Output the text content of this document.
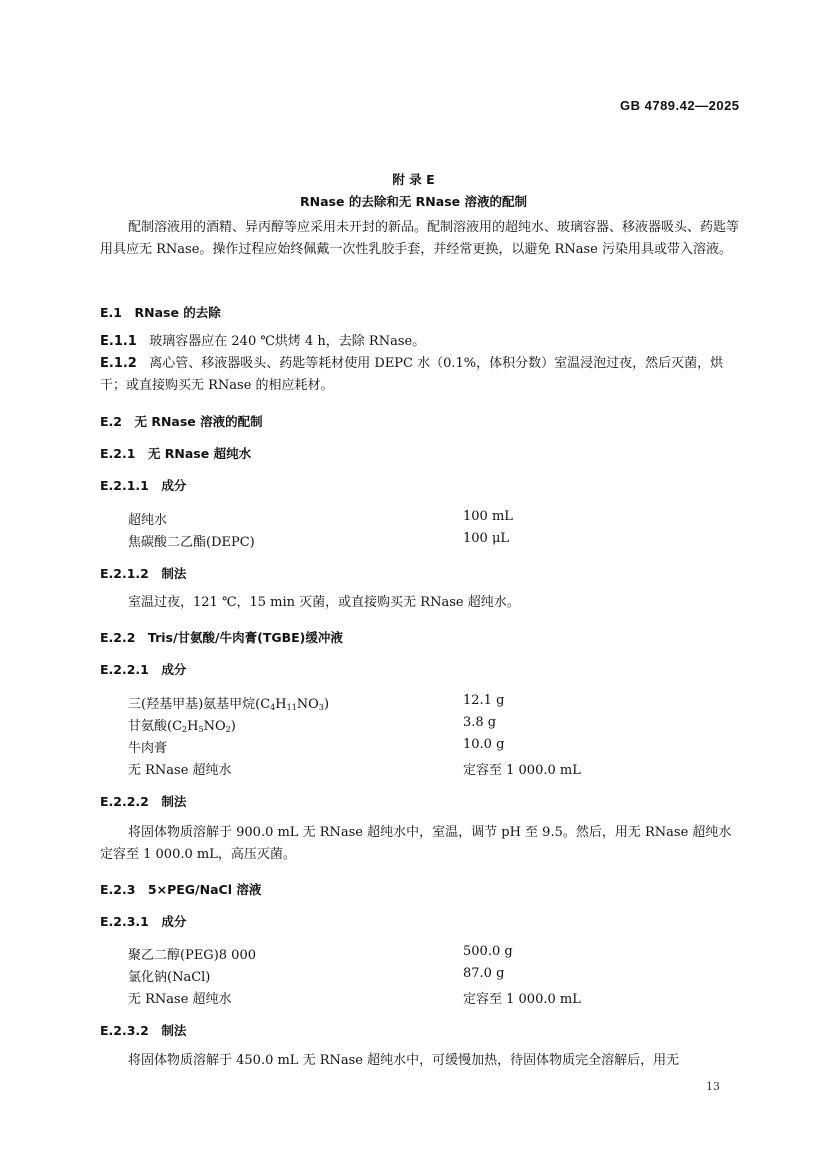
GB 4789.42—2025
附 录 E
RNase 的去除和无 RNase 溶液的配制
配制溶液用的酒精、异丙醇等应采用未开封的新品。配制溶液用的超纯水、玻璃容器、移液器吸头、药匙等用具应无 RNase。操作过程应始终佩戴一次性乳胶手套，并经常更换，以避免 RNase 污染用具或带入溶液。
E.1　RNase 的去除
E.1.1 玻璃容器应在 240 ℃烘烤 4 h，去除 RNase。
E.1.2 离心管、移液器吸头、药匙等耗材使用 DEPC 水（0.1%，体积分数）室温浸泡过夜，然后灭菌，烘干；或直接购买无 RNase 的相应耗材。
E.2　无 RNase 溶液的配制
E.2.1　无 RNase 超纯水
E.2.1.1　成分
超纯水	100 mL
焦碳酸二乙酯(DEPC)	100 μL
E.2.1.2　制法
室温过夜，121 ℃，15 min 灭菌，或直接购买无 RNase 超纯水。
E.2.2　Tris/甘氨酸/牛肉膏(TGBE)缓冲液
E.2.2.1　成分
三(羟基甲基)氨基甲烷$(C_4H_{11}NO_3)$	12.1 g
甘氨酸$(C_2H_5NO_2)$	3.8 g
牛肉膏	10.0 g
无 RNase 超纯水	定容至 1 000.0 mL
E.2.2.2　制法
将固体物质溶解于 900.0 mL 无 RNase 超纯水中，室温，调节 pH 至 9.5。然后，用无 RNase 超纯水定容至 1 000.0 mL，高压灭菌。
E.2.3　5×PEG/NaCl 溶液
E.2.3.1　成分
聚乙二醇(PEG)8 000	500.0 g
氯化钠(NaCl)	87.0 g
无 RNase 超纯水	定容至 1 000.0 mL
E.2.3.2　制法
将固体物质溶解于 450.0 mL 无 RNase 超纯水中，可缓慢加热，待固体物质完全溶解后，用无
13
